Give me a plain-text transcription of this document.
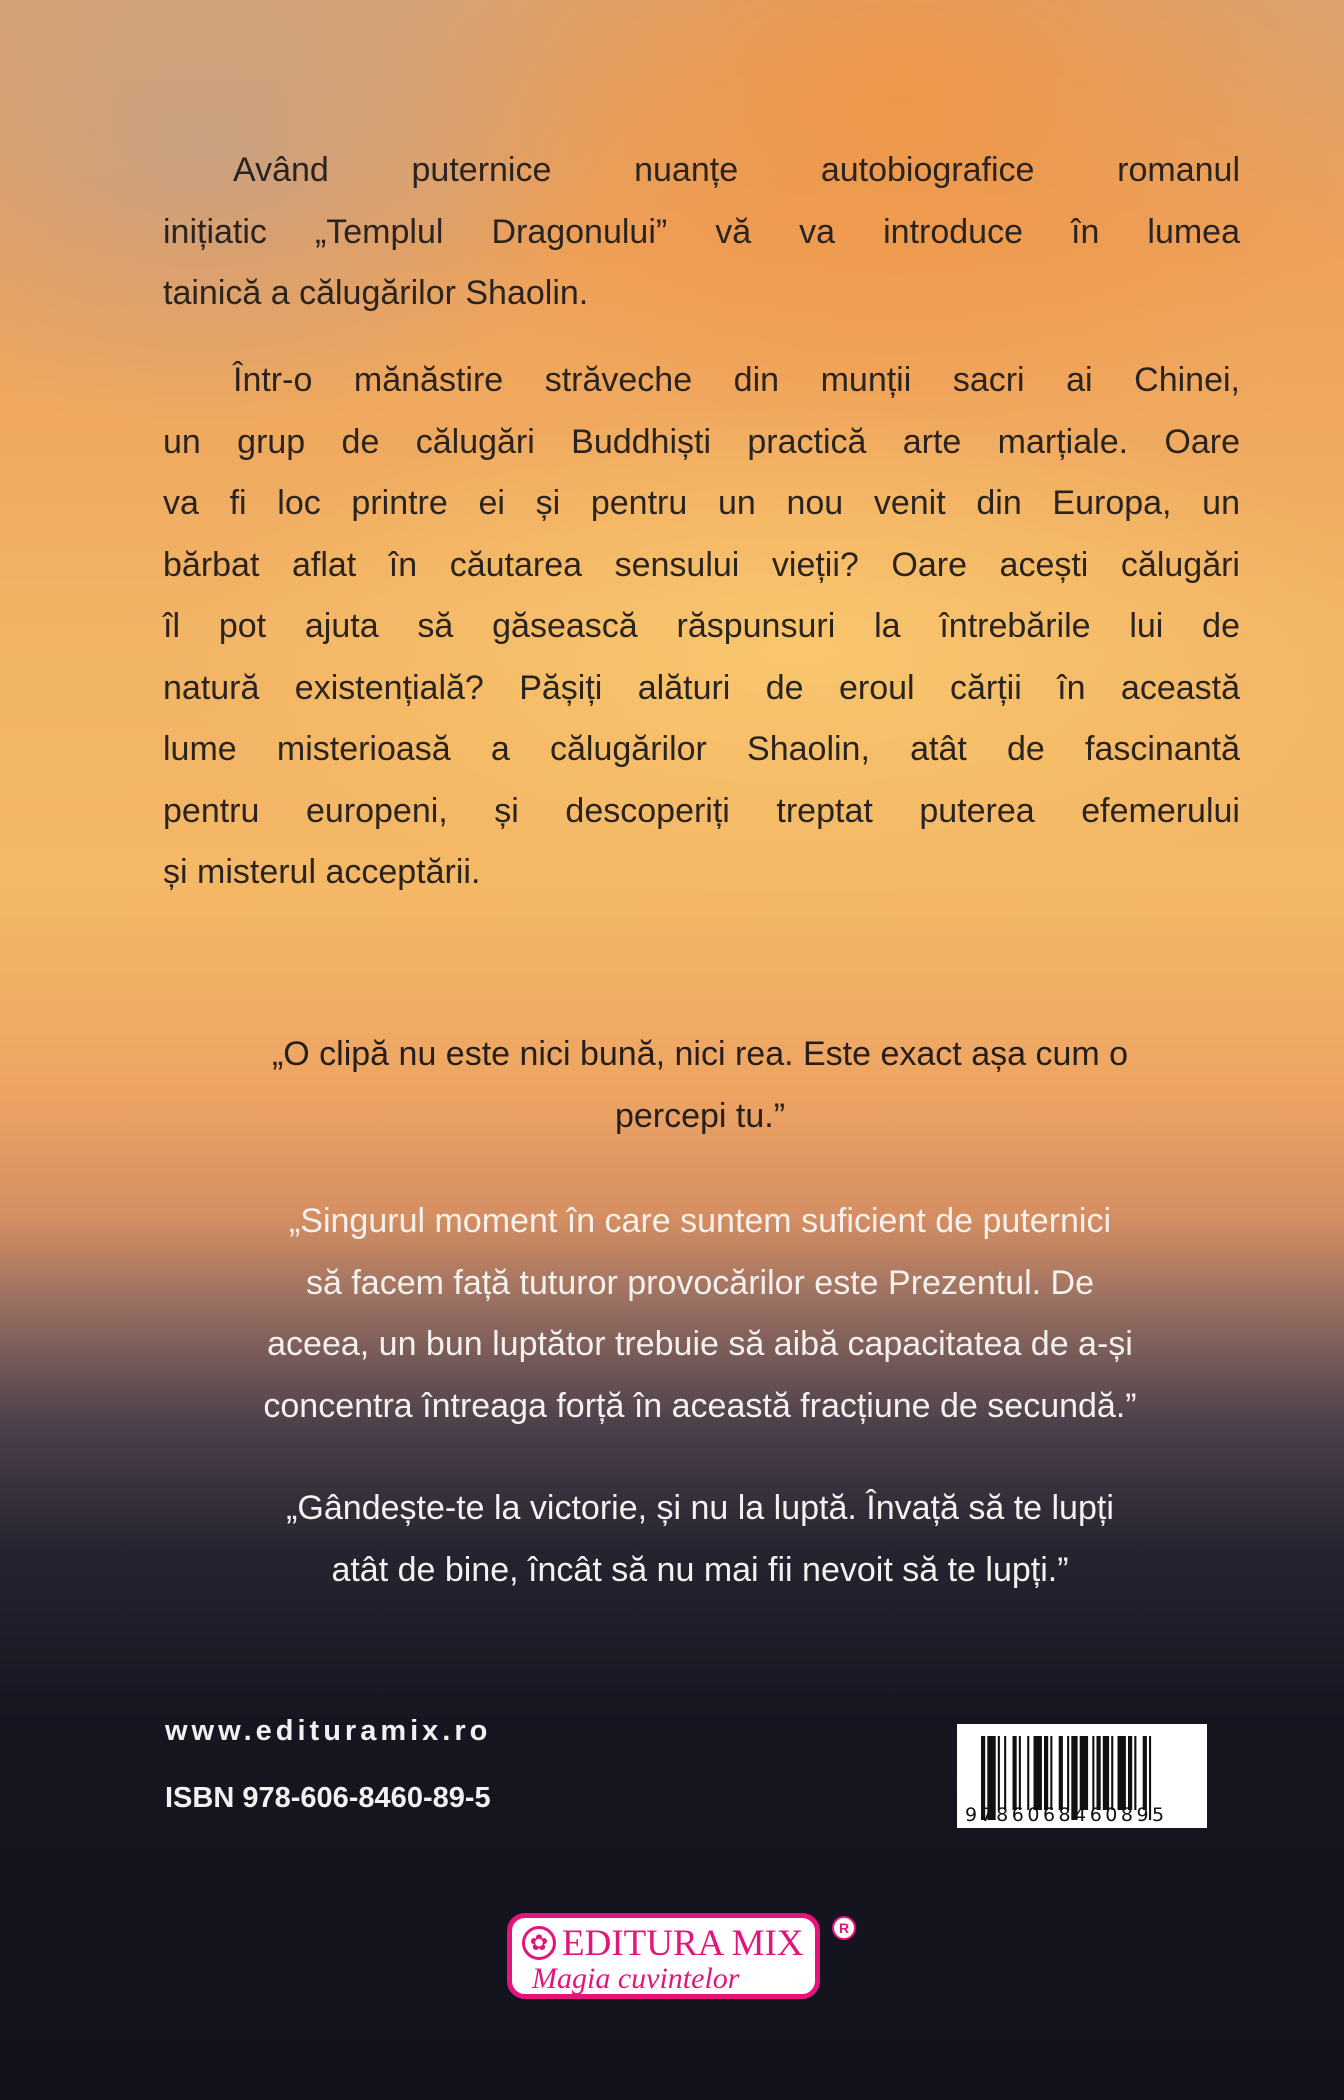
Având puternice nuanțe autobiografice romanul
inițiatic „Templul Dragonului” vă va introduce în lumea
tainică a călugărilor Shaolin.
Într-o mănăstire străveche din munții sacri ai Chinei,
un grup de călugări Buddhiști practică arte marțiale. Oare
va fi loc printre ei și pentru un nou venit din Europa, un
bărbat aflat în căutarea sensului vieții? Oare acești călugări
îl pot ajuta să găsească răspunsuri la întrebările lui de
natură existențială? Pășiți alături de eroul cărții în această
lume misterioasă a călugărilor Shaolin, atât de fascinantă
pentru europeni, și descoperiți treptat puterea efemerului
și misterul acceptării.
„O clipă nu este nici bună, nici rea. Este exact așa cum o
percepi tu.”
„Singurul moment în care suntem suficient de puternici
să facem față tuturor provocărilor este Prezentul. De
aceea, un bun luptător trebuie să aibă capacitatea de a-și
concentra întreaga forță în această fracțiune de secundă.”
„Gândește-te la victorie, și nu la luptă. Învață să te lupți
atât de bine, încât să nu mai fii nevoit să te lupți.”
www.edituramix.ro
ISBN 978-606-8460-89-5
9786068460895
✿ EDITURA MIX
Magia cuvintelor
R
